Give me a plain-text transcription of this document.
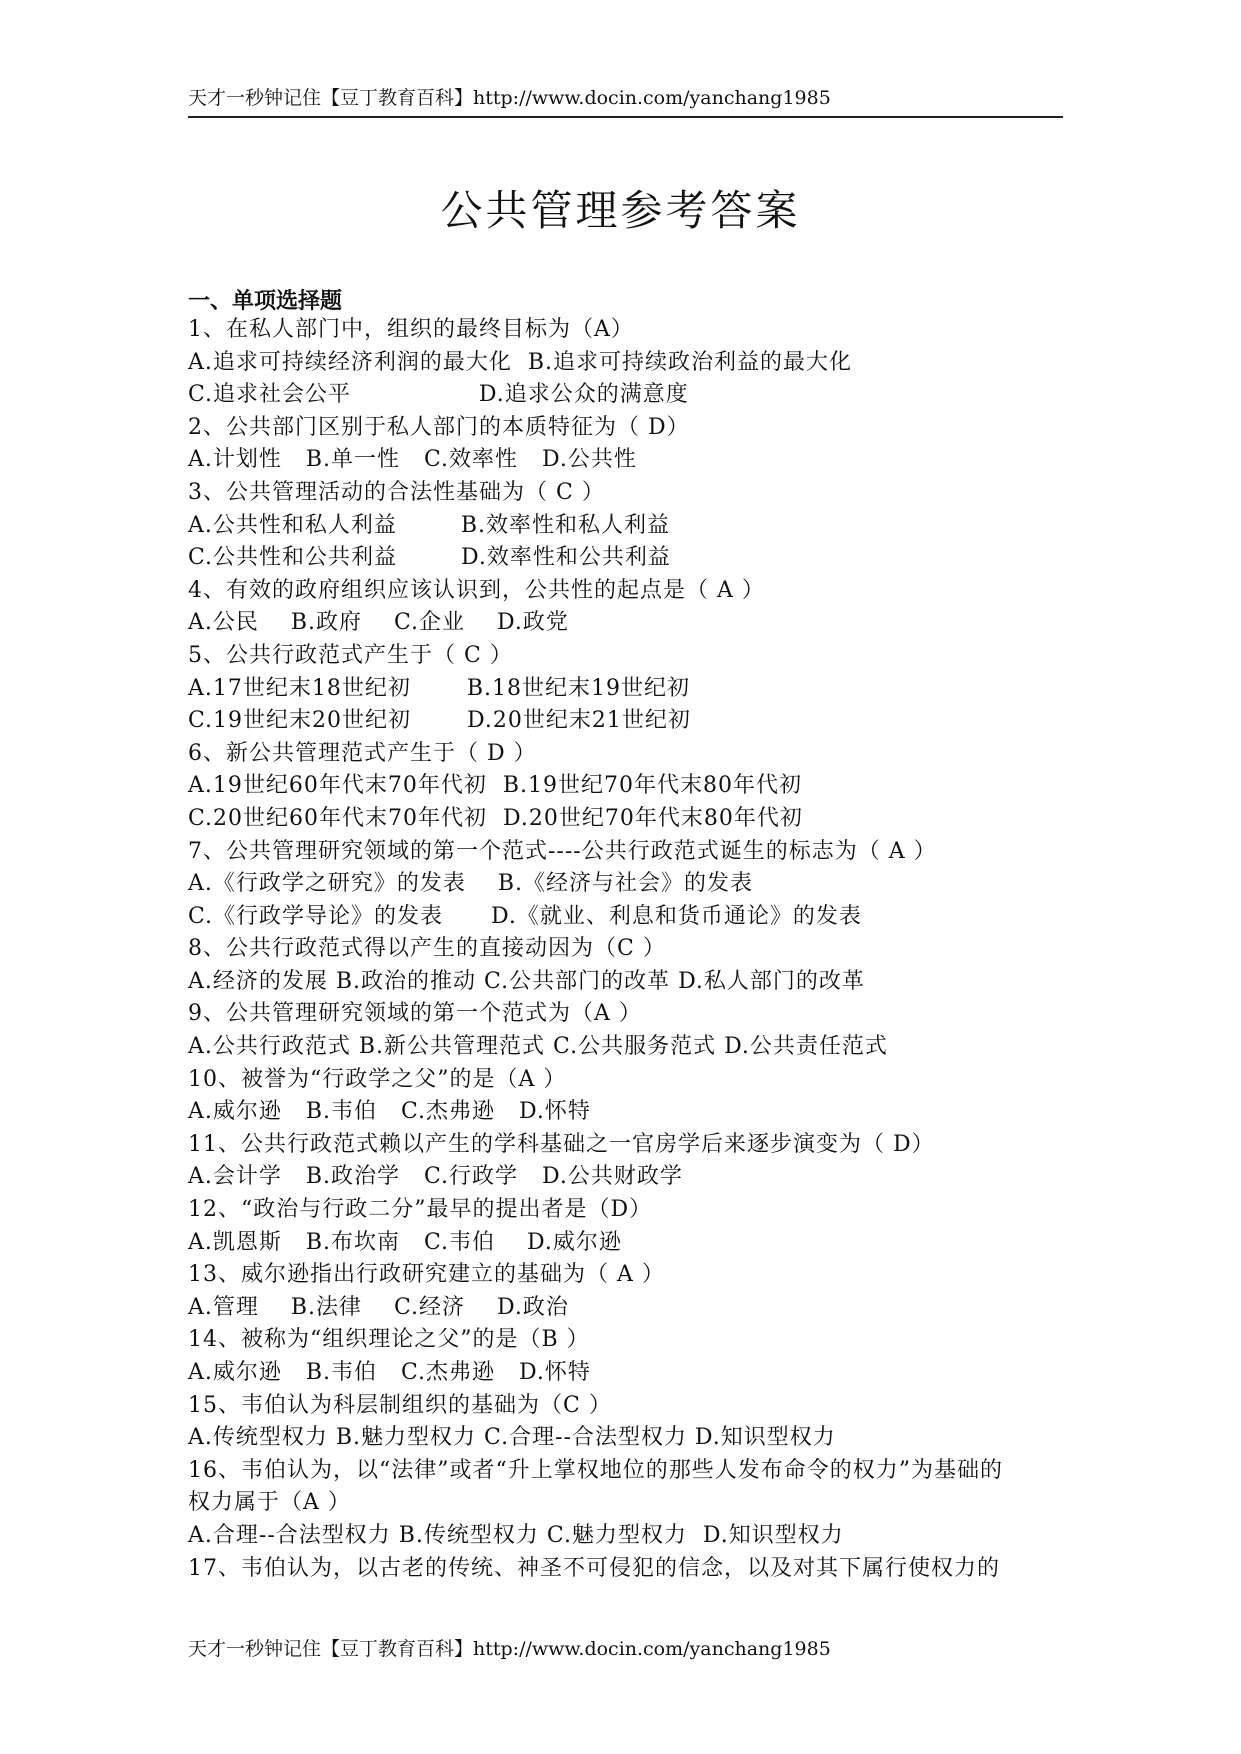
天才一秒钟记住【豆丁教育百科】http://www.docin.com/yanchang1985
公共管理参考答案
一、单项选择题
1、在私人部门中，组织的最终目标为（A）
A.追求可持续经济利润的最大化  B.追求可持续政治利益的最大化
C.追求社会公平                D.追求公众的满意度
2、公共部门区别于私人部门的本质特征为（ D）
A.计划性   B.单一性   C.效率性   D.公共性
3、公共管理活动的合法性基础为（ C ）
A.公共性和私人利益        B.效率性和私人利益
C.公共性和公共利益        D.效率性和公共利益
4、有效的政府组织应该认识到，公共性的起点是（ A ）
A.公民    B.政府    C.企业    D.政党
5、公共行政范式产生于（ C ）
A.17世纪末18世纪初       B.18世纪末19世纪初
C.19世纪末20世纪初       D.20世纪末21世纪初
6、新公共管理范式产生于（ D ）
A.19世纪60年代末70年代初  B.19世纪70年代末80年代初
C.20世纪60年代末70年代初  D.20世纪70年代末80年代初
7、公共管理研究领域的第一个范式----公共行政范式诞生的标志为（ A ）
A.《行政学之研究》的发表    B.《经济与社会》的发表
C.《行政学导论》的发表      D.《就业、利息和货币通论》的发表
8、公共行政范式得以产生的直接动因为（C ）
A.经济的发展 B.政治的推动 C.公共部门的改革 D.私人部门的改革
9、公共管理研究领域的第一个范式为（A ）
A.公共行政范式 B.新公共管理范式 C.公共服务范式 D.公共责任范式
10、被誉为“行政学之父”的是（A ）
A.威尔逊   B.韦伯   C.杰弗逊   D.怀特
11、公共行政范式赖以产生的学科基础之一官房学后来逐步演变为（ D）
A.会计学   B.政治学   C.行政学   D.公共财政学
12、“政治与行政二分”最早的提出者是（D）
A.凯恩斯   B.布坎南   C.韦伯    D.威尔逊
13、威尔逊指出行政研究建立的基础为（ A ）
A.管理    B.法律    C.经济    D.政治
14、被称为“组织理论之父”的是（B ）
A.威尔逊   B.韦伯   C.杰弗逊   D.怀特
15、韦伯认为科层制组织的基础为（C ）
A.传统型权力 B.魅力型权力 C.合理--合法型权力 D.知识型权力
16、韦伯认为，以“法律”或者“升上掌权地位的那些人发布命令的权力”为基础的
权力属于（A ）
A.合理--合法型权力 B.传统型权力 C.魅力型权力  D.知识型权力
17、韦伯认为，以古老的传统、神圣不可侵犯的信念，以及对其下属行使权力的
天才一秒钟记住【豆丁教育百科】http://www.docin.com/yanchang1985
